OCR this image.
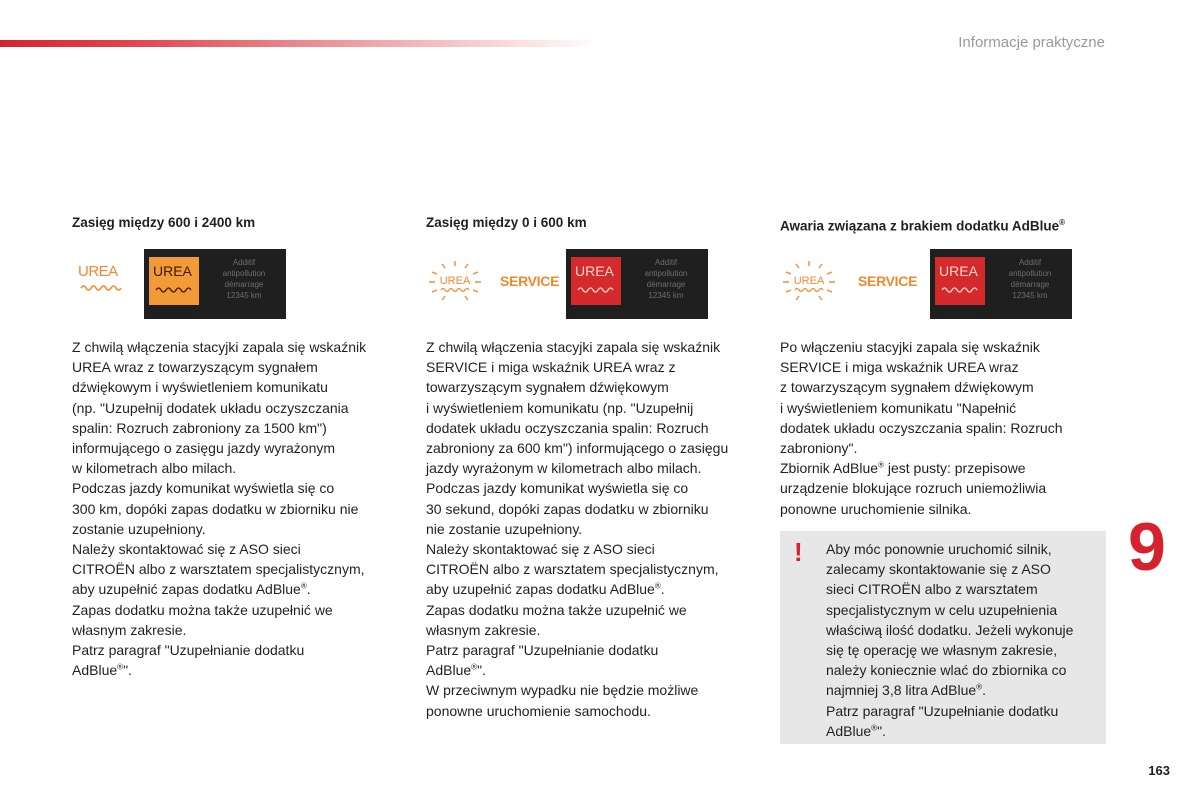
Informacje praktyczne
Zasięg między 600 i 2400 km
UREA	UREA
Additif
antipollution
démarrage
12345 km
Z chwilą włączenia stacyjki zapala się wskaźnik
UREA wraz z towarzyszącym sygnałem
dźwiękowym i wyświetleniem komunikatu
(np. "Uzupełnij dodatek układu oczyszczania
spalin: Rozruch zabroniony za 1500 km")
informującego o zasięgu jazdy wyrażonym
w kilometrach albo milach.
Podczas jazdy komunikat wyświetla się co
300 km, dopóki zapas dodatku w zbiorniku nie
zostanie uzupełniony.
Należy skontaktować się z ASO sieci
CITROËN albo z warsztatem specjalistycznym,
aby uzupełnić zapas dodatku AdBlue®.
Zapas dodatku można także uzupełnić we
własnym zakresie.
Patrz paragraf "Uzupełnianie dodatku
AdBlue®".
Zasięg między 0 i 600 km
UREA SERVICE
UREA
Additif
antipollution
démarrage
12345 km
Z chwilą włączenia stacyjki zapala się wskaźnik
SERVICE i miga wskaźnik UREA wraz z
towarzyszącym sygnałem dźwiękowym
i wyświetleniem komunikatu (np. "Uzupełnij
dodatek układu oczyszczania spalin: Rozruch
zabroniony za 600 km") informującego o zasięgu
jazdy wyrażonym w kilometrach albo milach.
Podczas jazdy komunikat wyświetla się co
30 sekund, dopóki zapas dodatku w zbiorniku
nie zostanie uzupełniony.
Należy skontaktować się z ASO sieci
CITROËN albo z warsztatem specjalistycznym,
aby uzupełnić zapas dodatku AdBlue®.
Zapas dodatku można także uzupełnić we
własnym zakresie.
Patrz paragraf "Uzupełnianie dodatku
AdBlue®".
W przeciwnym wypadku nie będzie możliwe
ponowne uruchomienie samochodu.
Awaria związana z brakiem dodatku AdBlue®
UREA SERVICE
UREA
Additif
antipollution
démarrage
12345 km
Po włączeniu stacyjki zapala się wskaźnik
SERVICE i miga wskaźnik UREA wraz
z towarzyszącym sygnałem dźwiękowym
i wyświetleniem komunikatu "Napełnić
dodatek układu oczyszczania spalin: Rozruch
zabroniony".
Zbiornik AdBlue® jest pusty: przepisowe
urządzenie blokujące rozruch uniemożliwia
ponowne uruchomienie silnika.
! Aby móc ponownie uruchomić silnik,
zalecamy skontaktowanie się z ASO
sieci CITROËN albo z warsztatem
specjalistycznym w celu uzupełnienia
właściwą ilość dodatku. Jeżeli wykonuje
się tę operację we własnym zakresie,
należy koniecznie wlać do zbiornika co
najmniej 3,8 litra AdBlue®.
Patrz paragraf "Uzupełnianie dodatku
AdBlue®".
9
163
